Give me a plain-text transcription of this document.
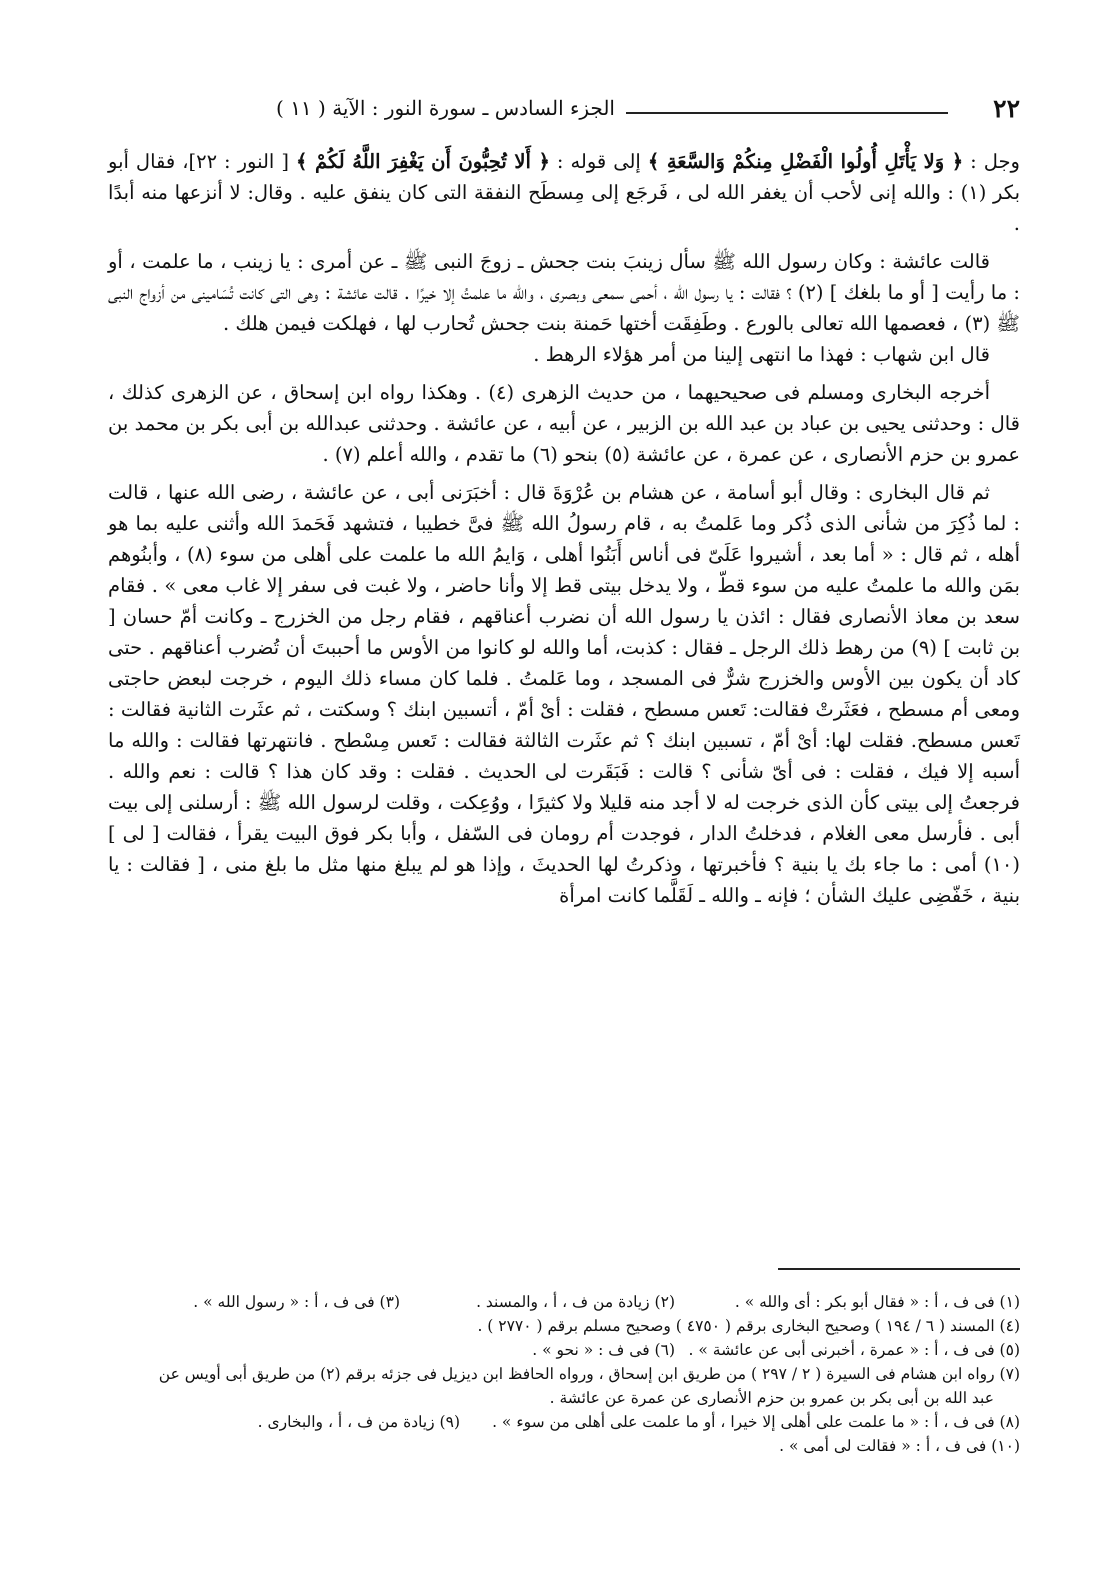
٢٢
الجزء السادس ـ سورة النور : الآية ( ١١ )

وجل : ﴿ وَلا يَأْتَلِ أُولُوا الْفَضْلِ مِنكُمْ وَالسَّعَةِ ﴾ إلى قوله : ﴿ أَلا تُحِبُّونَ أَن يَغْفِرَ اللَّهُ لَكُمْ ﴾ [ النور : ٢٢]، فقال أبو بكر (١) : والله إنى لأحب أن يغفر الله لى ، فَرجَع إلى مِسطَح النفقة التى كان ينفق عليه . وقال: لا أنزعها منه أبدًا .

قالت عائشة : وكان رسول الله ﷺ سأل زينبَ بنت جحش ـ زوجَ النبى ﷺ ـ عن أمرى : يا زينب ، ما علمت ، أو : ما رأيت [ أو ما بلغك ] (٢) ؟ فقالت : يا رسول الله ، أحمى سمعى وبصرى ، والله ما علمتُ إلا خيرًا . قالت عائشة : وهى التى كانت تُسَامينى من أزواج النبى ﷺ (٣) ، فعصمها الله تعالى بالورع . وطَفِقَت أختها حَمنة بنت جحش تُحارب لها ، فهلكت فيمن هلك .

قال ابن شهاب : فهذا ما انتهى إلينا من أمر هؤلاء الرهط .

أخرجه البخارى ومسلم فى صحيحيهما ، من حديث الزهرى (٤) . وهكذا رواه ابن إسحاق ، عن الزهرى كذلك ، قال : وحدثنى يحيى بن عباد بن عبد الله بن الزبير ، عن أبيه ، عن عائشة . وحدثنى عبدالله بن أبى بكر بن محمد بن عمرو بن حزم الأنصارى ، عن عمرة ، عن عائشة (٥) بنحو (٦) ما تقدم ، والله أعلم (٧) .

ثم قال البخارى : وقال أبو أسامة ، عن هشام بن عُرْوَةَ قال : أخبَرَنى أبى ، عن عائشة ، رضى الله عنها ، قالت : لما ذُكِرَ من شأنى الذى ذُكر وما عَلمتُ به ، قام رسولُ الله ﷺ فىَّ خطيبا ، فتشهد فَحَمدَ الله وأثنى عليه بما هو أهله ، ثم قال : « أما بعد ، أشيروا عَلَىّ فى أناس أَبَنُوا أهلى ، وَايمُ الله ما علمت على أهلى من سوء (٨) ، وأبنُوهم بمَن والله ما علمتُ عليه من سوء قطّ ، ولا يدخل بيتى قط إلا وأنا حاضر ، ولا غبت فى سفر إلا غاب معى » . فقام سعد بن معاذ الأنصارى فقال : ائذن يا رسول الله أن نضرب أعناقهم ، فقام رجل من الخزرج ـ وكانت أمّ حسان [ بن ثابت ] (٩) من رهط ذلك الرجل ـ فقال : كذبت، أما والله لو كانوا من الأوس ما أحببتَ أن تُضرب أعناقهم . حتى كاد أن يكون بين الأوس والخزرج شرٌّ فى المسجد ، وما عَلمتُ . فلما كان مساء ذلك اليوم ، خرجت لبعض حاجتى ومعى أم مسطح ، فعَثَرتْ فقالت: تَعس مسطح ، فقلت : أىْ أمّ ، أتسبين ابنك ؟ وسكتت ، ثم عثَرت الثانية فقالت : تَعس مسطح. فقلت لها: أىْ أمّ ، تسبين ابنك ؟ ثم عثَرت الثالثة فقالت : تَعس مِسْطح . فانتهرتها فقالت : والله ما أسبه إلا فيك ، فقلت : فى أىّ شأنى ؟ قالت : فَبَقَرت لى الحديث . فقلت : وقد كان هذا ؟ قالت : نعم والله . فرجعتُ إلى بيتى كأن الذى خرجت له لا أجد منه قليلا ولا كثيرًا ، ووُعِكت ، وقلت لرسول الله ﷺ : أرسلنى إلى بيت أبى . فأرسل معى الغلام ، فدخلتُ الدار ، فوجدت أم رومان فى السّفل ، وأبا بكر فوق البيت يقرأ ، فقالت [ لى ] (١٠) أمى : ما جاء بك يا بنية ؟ فأخبرتها ، وذكرتُ لها الحديثَ ، وإذا هو لم يبلغ منها مثل ما بلغ منى ، [ فقالت : يا بنية ، خَفّضِى عليك الشأن ؛ فإنه ـ والله ـ لَقَلَّما كانت امرأة

(١) فى ف ، أ : « فقال أبو بكر : أى والله » .(٢) زيادة من ف ، أ ، والمسند .(٣) فى ف ، أ : « رسول الله » .

(٤) المسند ( ٦ / ١٩٤ ) وصحيح البخارى برقم ( ٤٧٥٠ ) وصحيح مسلم برقم ( ٢٧٧٠ ) .

(٥) فى ف ، أ : « عمرة ، أخبرنى أبى عن عائشة » .(٦) فى ف : « نحو » .

(٧) رواه ابن هشام فى السيرة ( ٢ / ٢٩٧ ) من طريق ابن إسحاق ، ورواه الحافظ ابن ديزيل فى جزئه برقم (٢) من طريق أبى أويس عن

عبد الله بن أبى بكر بن عمرو بن حزم الأنصارى عن عمرة عن عائشة .

(٨) فى ف ، أ : « ما علمت على أهلى إلا خيرا ، أو ما علمت على أهلى من سوء » .(٩) زيادة من ف ، أ ، والبخارى .

(١٠) فى ف ، أ : « فقالت لى أمى » .
